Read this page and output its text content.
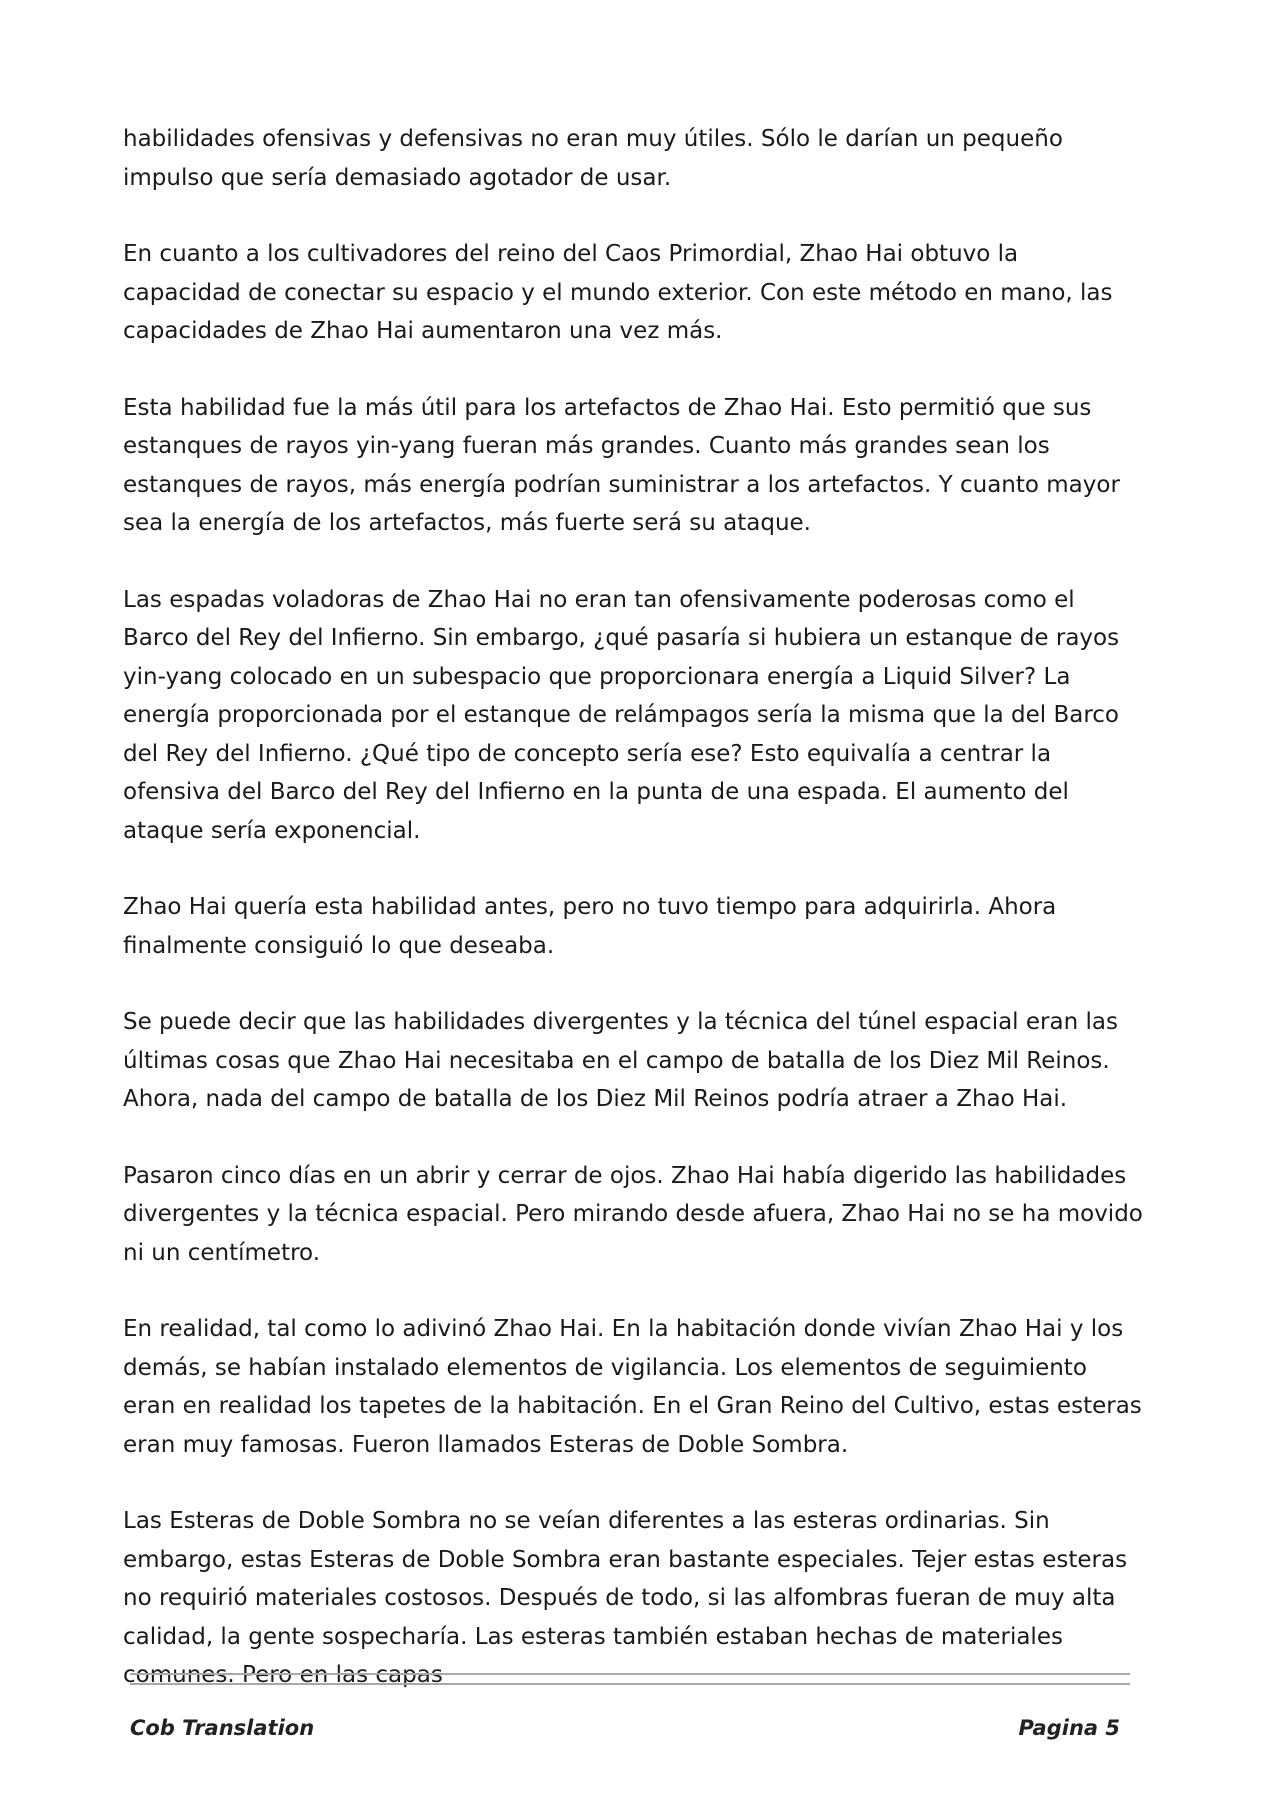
habilidades ofensivas y defensivas no eran muy útiles. Sólo le darían un pequeño impulso que sería demasiado agotador de usar.

En cuanto a los cultivadores del reino del Caos Primordial, Zhao Hai obtuvo la capacidad de conectar su espacio y el mundo exterior. Con este método en mano, las capacidades de Zhao Hai aumentaron una vez más.

Esta habilidad fue la más útil para los artefactos de Zhao Hai. Esto permitió que sus estanques de rayos yin-yang fueran más grandes. Cuanto más grandes sean los estanques de rayos, más energía podrían suministrar a los artefactos. Y cuanto mayor sea la energía de los artefactos, más fuerte será su ataque.

Las espadas voladoras de Zhao Hai no eran tan ofensivamente poderosas como el Barco del Rey del Infierno. Sin embargo, ¿qué pasaría si hubiera un estanque de rayos yin-yang colocado en un subespacio que proporcionara energía a Liquid Silver? La energía proporcionada por el estanque de relámpagos sería la misma que la del Barco del Rey del Infierno. ¿Qué tipo de concepto sería ese? Esto equivalía a centrar la ofensiva del Barco del Rey del Infierno en la punta de una espada. El aumento del ataque sería exponencial.

Zhao Hai quería esta habilidad antes, pero no tuvo tiempo para adquirirla. Ahora finalmente consiguió lo que deseaba.

Se puede decir que las habilidades divergentes y la técnica del túnel espacial eran las últimas cosas que Zhao Hai necesitaba en el campo de batalla de los Diez Mil Reinos. Ahora, nada del campo de batalla de los Diez Mil Reinos podría atraer a Zhao Hai.

Pasaron cinco días en un abrir y cerrar de ojos. Zhao Hai había digerido las habilidades divergentes y la técnica espacial. Pero mirando desde afuera, Zhao Hai no se ha movido ni un centímetro.

En realidad, tal como lo adivinó Zhao Hai. En la habitación donde vivían Zhao Hai y los demás, se habían instalado elementos de vigilancia. Los elementos de seguimiento eran en realidad los tapetes de la habitación. En el Gran Reino del Cultivo, estas esteras eran muy famosas. Fueron llamados Esteras de Doble Sombra.

Las Esteras de Doble Sombra no se veían diferentes a las esteras ordinarias. Sin embargo, estas Esteras de Doble Sombra eran bastante especiales. Tejer estas esteras no requirió materiales costosos. Después de todo, si las alfombras fueran de muy alta calidad, la gente sospecharía. Las esteras también estaban hechas de materiales comunes. Pero en las capas

Cob Translation	Pagina 5
